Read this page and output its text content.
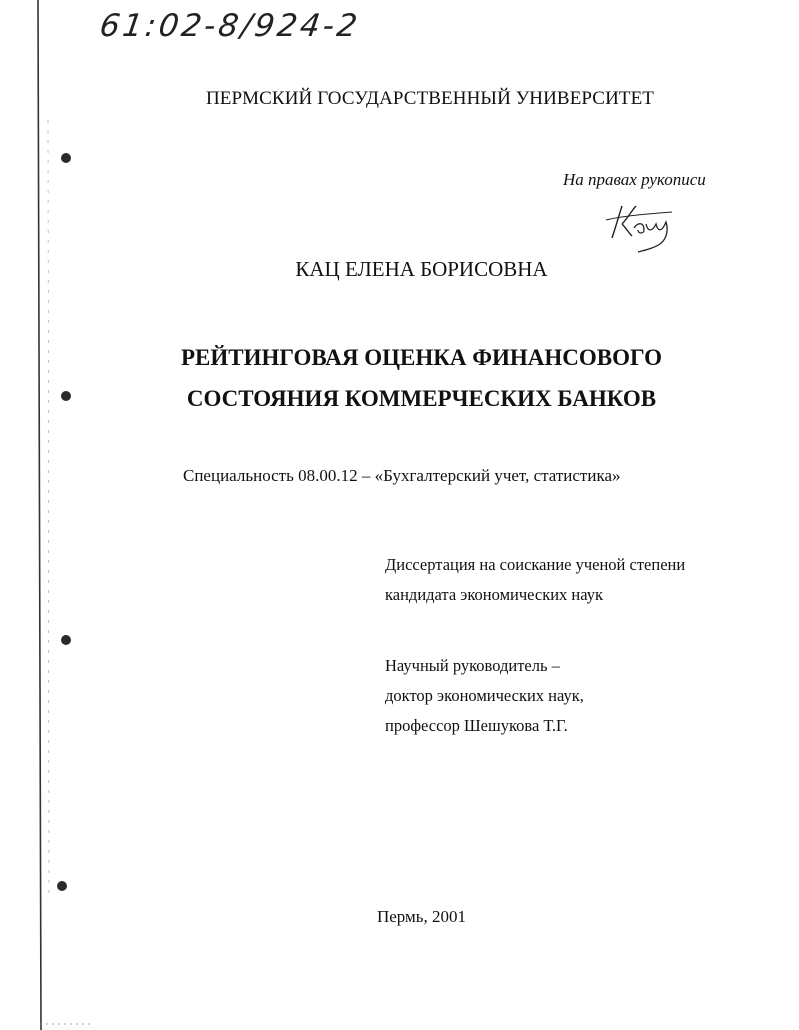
61:02-8/924-2

ПЕРМСКИЙ ГОСУДАРСТВЕННЫЙ УНИВЕРСИТЕТ

На правах рукописи

КАЦ ЕЛЕНА БОРИСОВНА

РЕЙТИНГОВАЯ ОЦЕНКА ФИНАНСОВОГО

СОСТОЯНИЯ КОММЕРЧЕСКИХ БАНКОВ

Специальность 08.00.12 – «Бухгалтерский учет, статистика»

Диссертация на соискание ученой степени

кандидата экономических наук

Научный руководитель –

доктор экономических наук,

профессор Шешукова Т.Г.

Пермь, 2001
